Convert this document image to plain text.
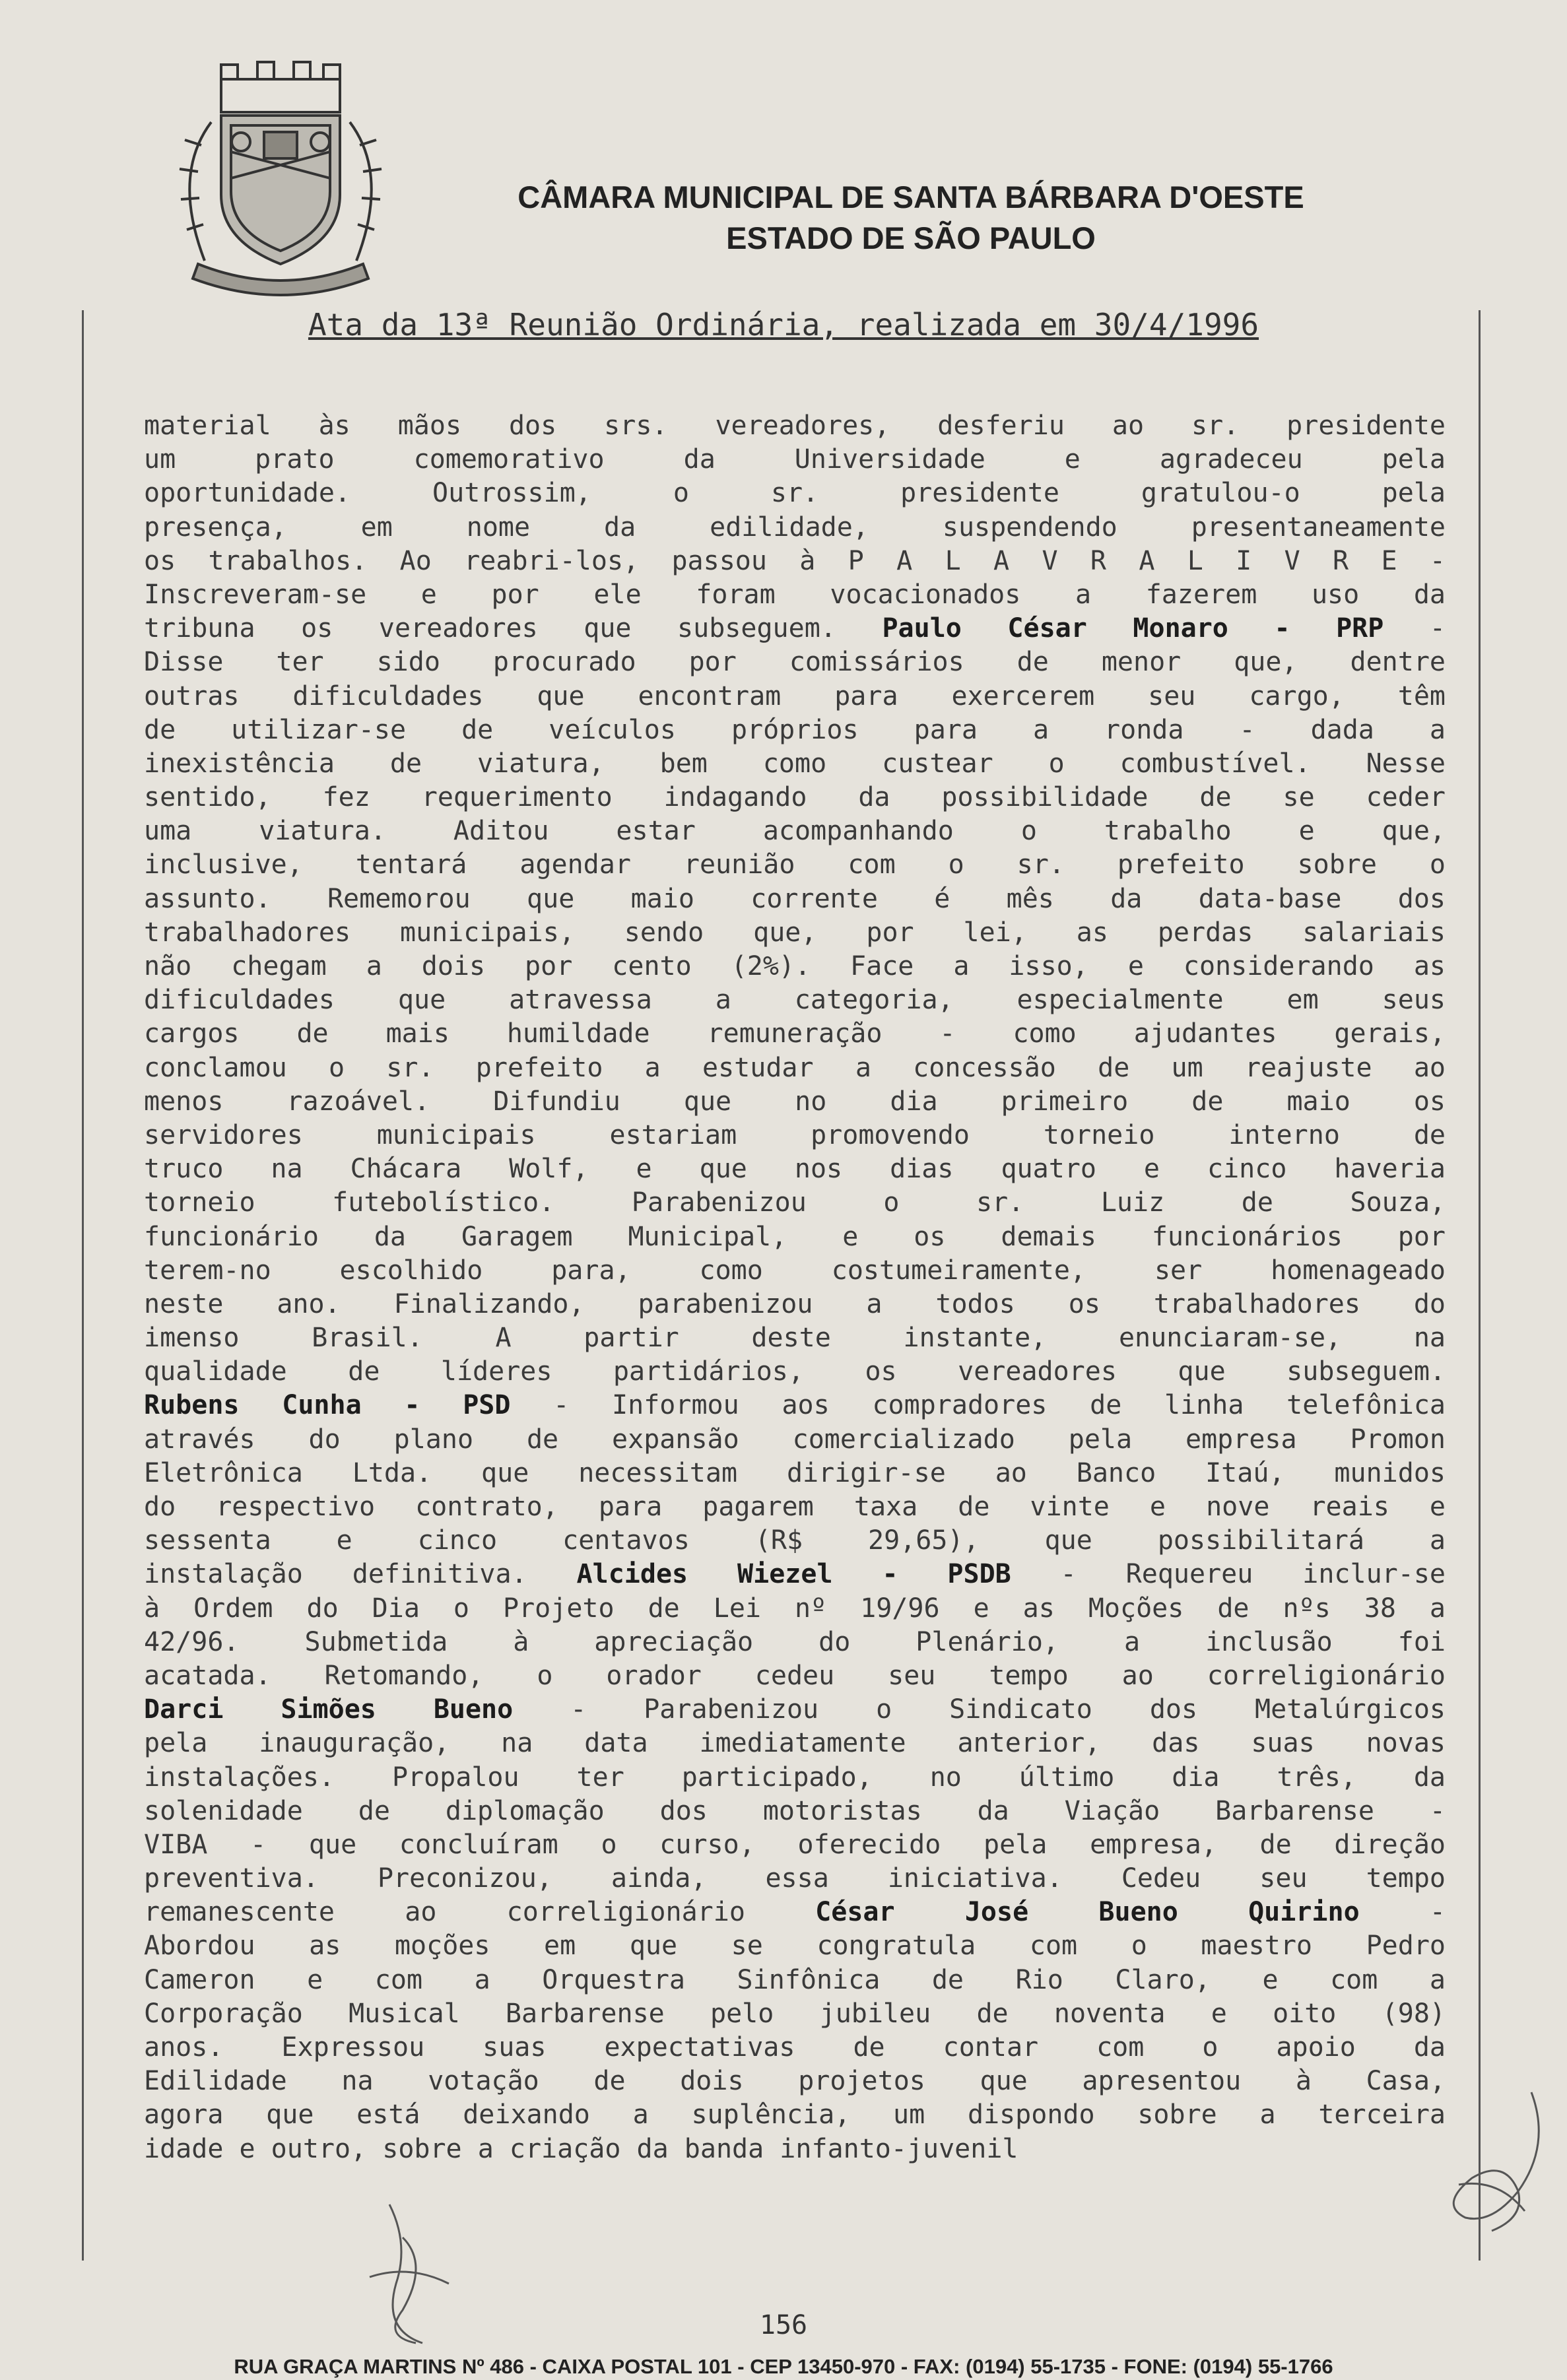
CÂMARA MUNICIPAL DE SANTA BÁRBARA D'OESTE
ESTADO DE SÃO PAULO
Ata da 13ª Reunião Ordinária, realizada em 30/4/1996
material às mãos dos srs. vereadores, desferiu ao sr. presidente
um prato comemorativo da Universidade e agradeceu pela
oportunidade. Outrossim, o sr. presidente gratulou-o pela
presença, em nome da edilidade, suspendendo presentaneamente
os trabalhos. Ao reabri-los, passou à P A L A V R A L I V R E -
Inscreveram-se e por ele foram vocacionados a fazerem uso da
tribuna os vereadores que subseguem. Paulo César Monaro - PRP -
Disse ter sido procurado por comissários de menor que, dentre
outras dificuldades que encontram para exercerem seu cargo, têm
de utilizar-se de veículos próprios para a ronda - dada a
inexistência de viatura, bem como custear o combustível. Nesse
sentido, fez requerimento indagando da possibilidade de se ceder
uma viatura. Aditou estar acompanhando o trabalho e que,
inclusive, tentará agendar reunião com o sr. prefeito sobre o
assunto. Rememorou que maio corrente é mês da data-base dos
trabalhadores municipais, sendo que, por lei, as perdas salariais
não chegam a dois por cento (2%). Face a isso, e considerando as
dificuldades que atravessa a categoria, especialmente em seus
cargos de mais humildade remuneração - como ajudantes gerais,
conclamou o sr. prefeito a estudar a concessão de um reajuste ao
menos razoável. Difundiu que no dia primeiro de maio os
servidores municipais estariam promovendo torneio interno de
truco na Chácara Wolf, e que nos dias quatro e cinco haveria
torneio futebolístico. Parabenizou o sr. Luiz de Souza,
funcionário da Garagem Municipal, e os demais funcionários por
terem-no escolhido para, como costumeiramente, ser homenageado
neste ano. Finalizando, parabenizou a todos os trabalhadores do
imenso Brasil. A partir deste instante, enunciaram-se, na
qualidade de líderes partidários, os vereadores que subseguem.
Rubens Cunha - PSD - Informou aos compradores de linha telefônica
através do plano de expansão comercializado pela empresa Promon
Eletrônica Ltda. que necessitam dirigir-se ao Banco Itaú, munidos
do respectivo contrato, para pagarem taxa de vinte e nove reais e
sessenta e cinco centavos (R$ 29,65), que possibilitará a
instalação definitiva. Alcides Wiezel - PSDB - Requereu inclur-se
à Ordem do Dia o Projeto de Lei nº 19/96 e as Moções de nºs 38 a
42/96. Submetida à apreciação do Plenário, a inclusão foi
acatada. Retomando, o orador cedeu seu tempo ao correligionário
Darci Simões Bueno - Parabenizou o Sindicato dos Metalúrgicos
pela inauguração, na data imediatamente anterior, das suas novas
instalações. Propalou ter participado, no último dia três, da
solenidade de diplomação dos motoristas da Viação Barbarense -
VIBA - que concluíram o curso, oferecido pela empresa, de direção
preventiva. Preconizou, ainda, essa iniciativa. Cedeu seu tempo
remanescente ao correligionário César José Bueno Quirino -
Abordou as moções em que se congratula com o maestro Pedro
Cameron e com a Orquestra Sinfônica de Rio Claro, e com a
Corporação Musical Barbarense pelo jubileu de noventa e oito (98)
anos. Expressou suas expectativas de contar com o apoio da
Edilidade na votação de dois projetos que apresentou à Casa,
agora que está deixando a suplência, um dispondo sobre a terceira
idade e outro, sobre a criação da banda infanto-juvenil
156
RUA GRAÇA MARTINS Nº 486 - CAIXA POSTAL 101 - CEP 13450-970 - FAX: (0194) 55-1735 - FONE: (0194) 55-1766
